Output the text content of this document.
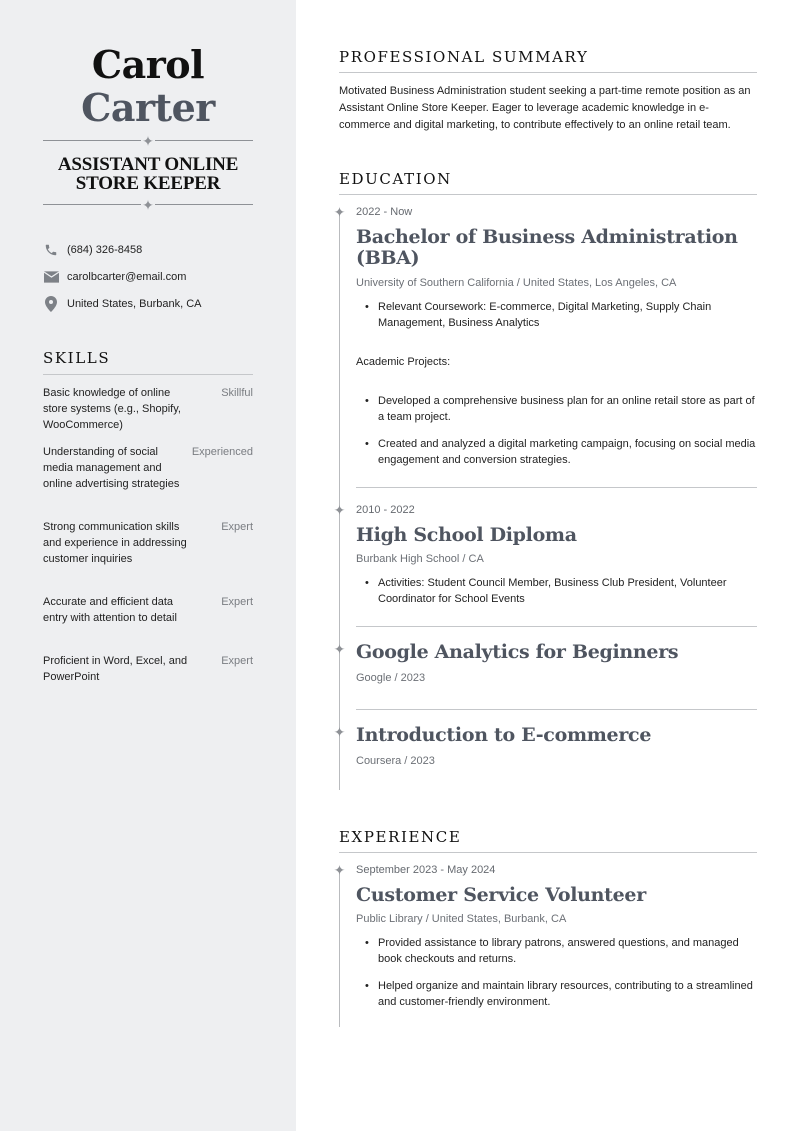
Carol
Carter
✦
ASSISTANT ONLINE
STORE KEEPER
✦
(684) 326-8458
carolbcarter@email.com
United States, Burbank, CA
SKILLS
Basic knowledge of online store systems (e.g., Shopify, WooCommerce)
Skillful
Understanding of social media management and online advertising strategies
Experienced
Strong communication skills and experience in addressing customer inquiries
Expert
Accurate and efficient data entry with attention to detail
Expert
Proficient in Word, Excel, and PowerPoint
Expert
PROFESSIONAL SUMMARY
Motivated Business Administration student seeking a part-time remote position as an Assistant Online Store Keeper. Eager to leverage academic knowledge in e-commerce and digital marketing, to contribute effectively to an online retail team.
EDUCATION
✦ 2022 - Now
Bachelor of Business Administration (BBA)
University of Southern California / United States, Los Angeles, CA
• Relevant Coursework: E-commerce, Digital Marketing, Supply Chain Management, Business Analytics
Academic Projects:
• Developed a comprehensive business plan for an online retail store as part of a team project.
• Created and analyzed a digital marketing campaign, focusing on social media engagement and conversion strategies.
✦ 2010 - 2022
High School Diploma
Burbank High School / CA
• Activities: Student Council Member, Business Club President, Volunteer Coordinator for School Events
✦ Google Analytics for Beginners
Google / 2023
✦ Introduction to E-commerce
Coursera / 2023
EXPERIENCE
✦ September 2023 - May 2024
Customer Service Volunteer
Public Library / United States, Burbank, CA
• Provided assistance to library patrons, answered questions, and managed book checkouts and returns.
• Helped organize and maintain library resources, contributing to a streamlined and customer-friendly environment.
